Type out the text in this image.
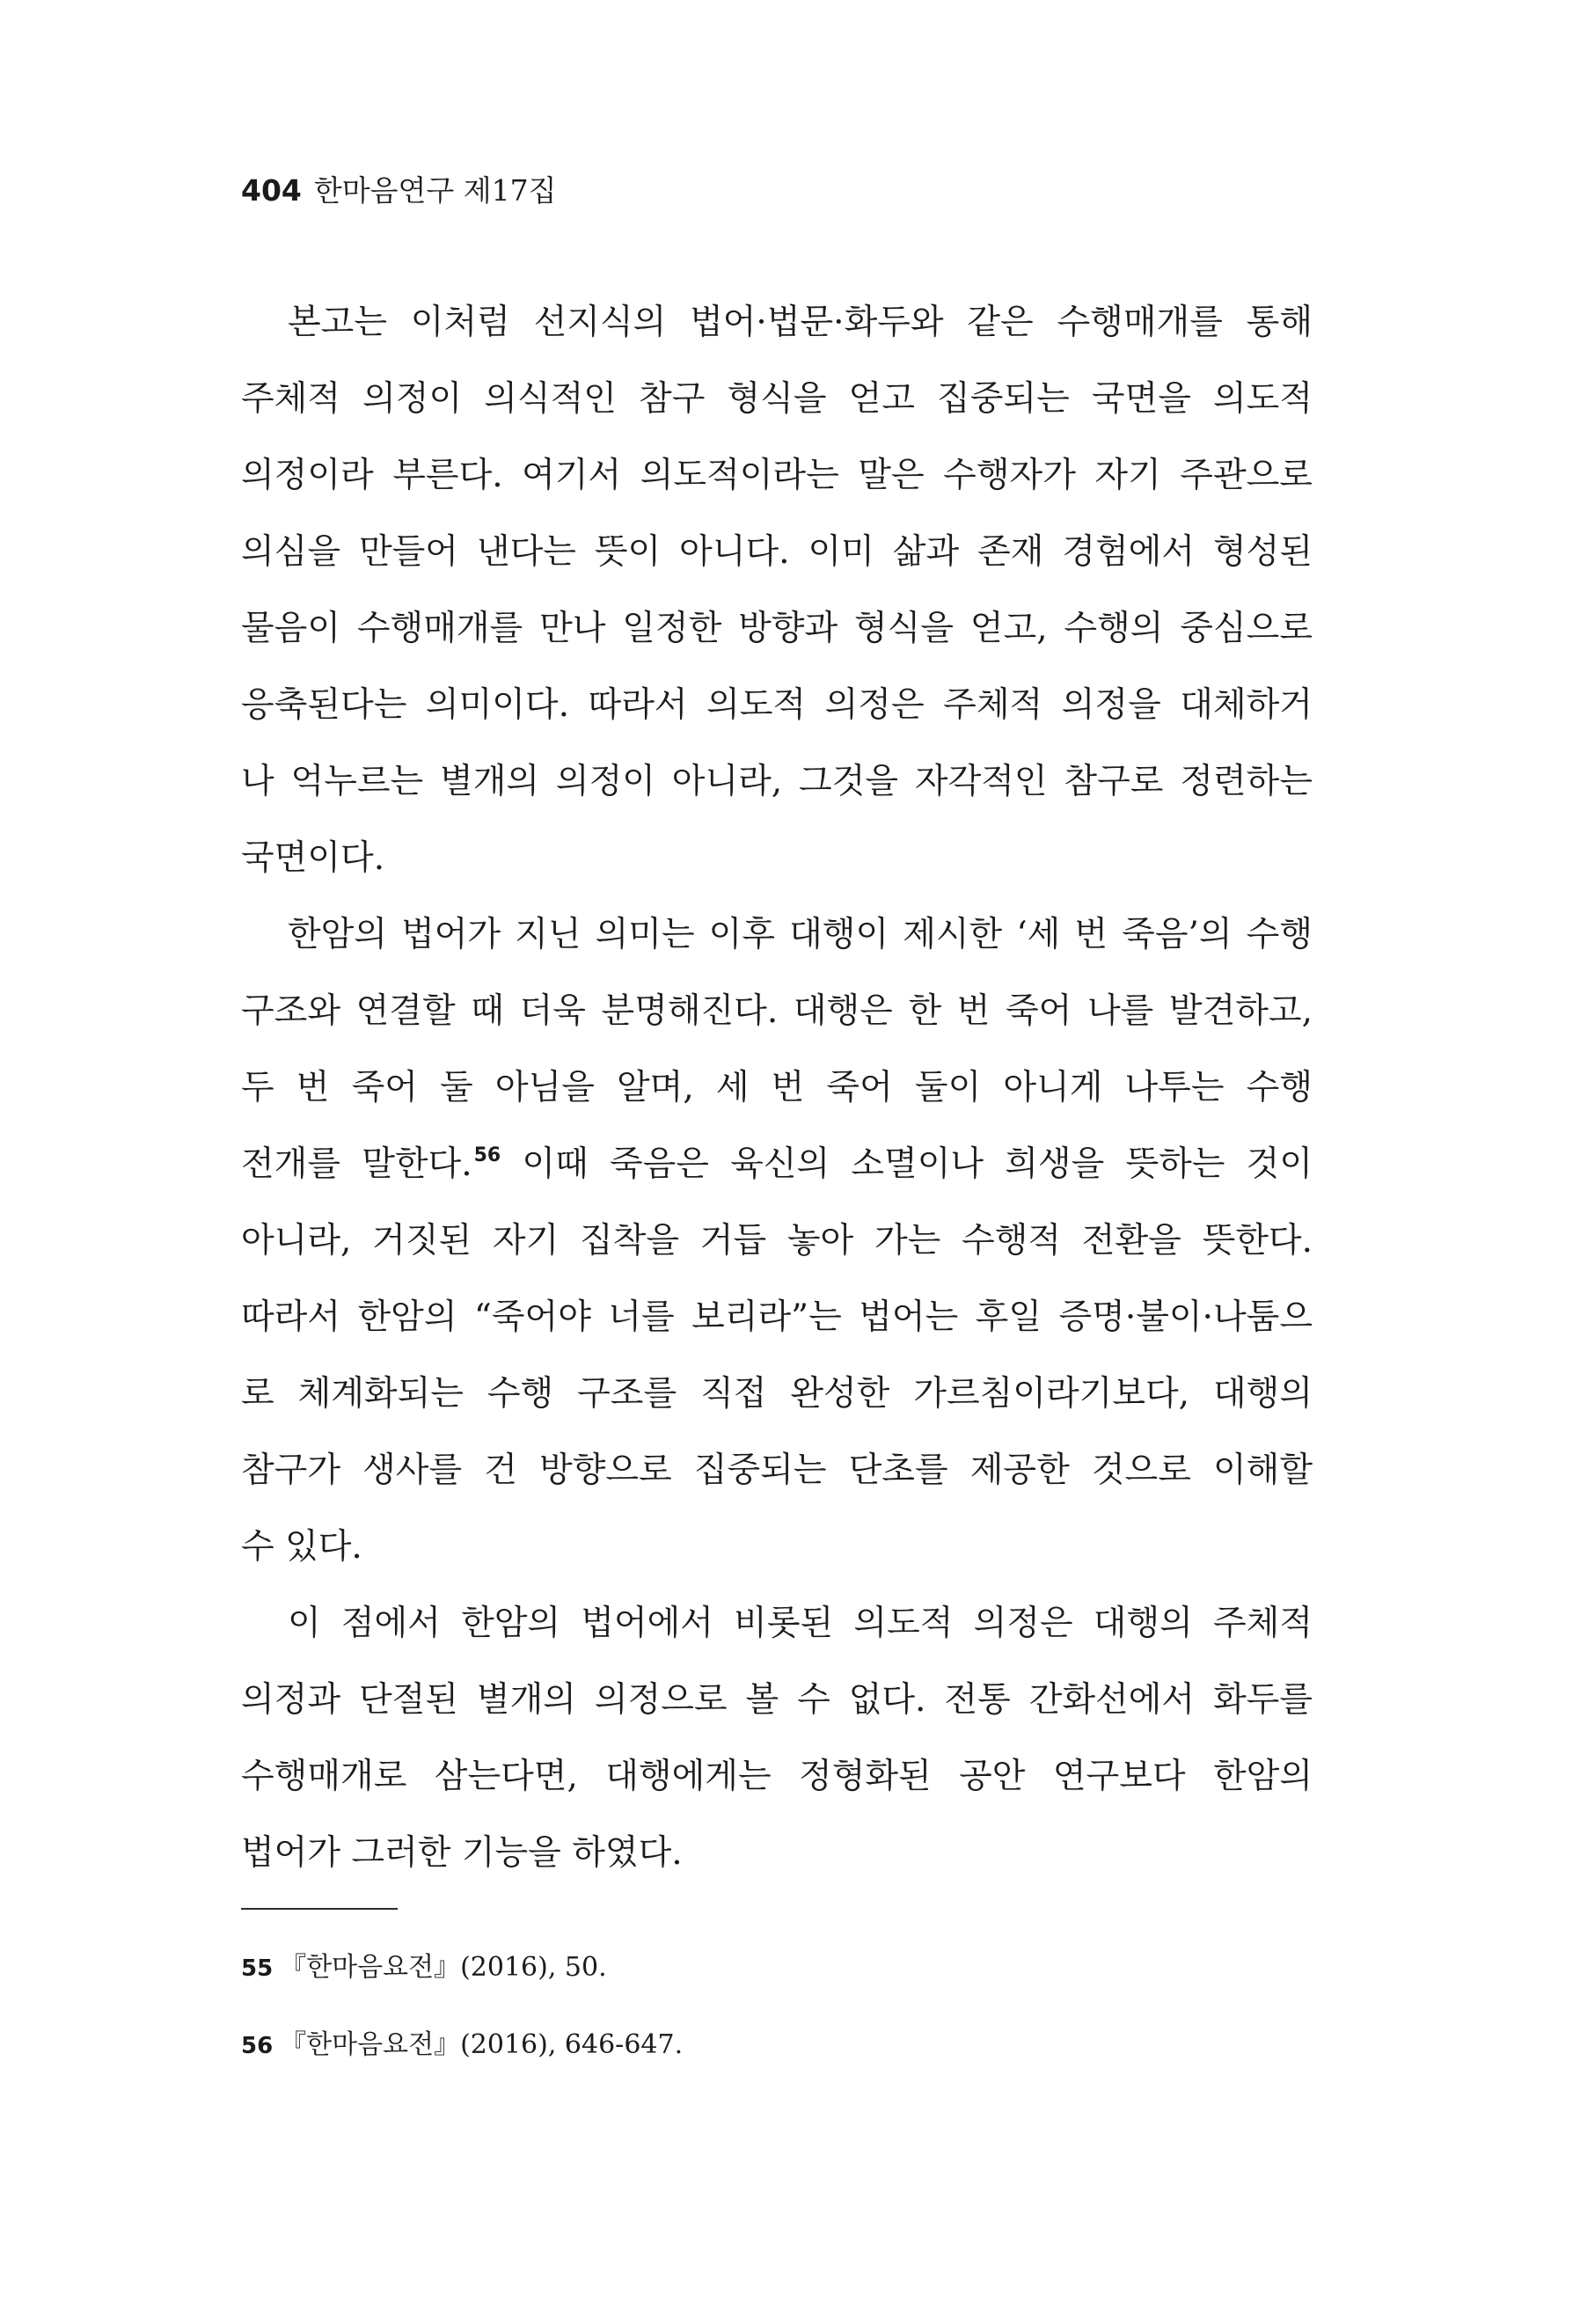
404 한마음연구 제17집
본고는 이처럼 선지식의 법어·법문·화두와 같은 수행매개를 통해
주체적 의정이 의식적인 참구 형식을 얻고 집중되는 국면을 의도적
의정이라 부른다. 여기서 의도적이라는 말은 수행자가 자기 주관으로
의심을 만들어 낸다는 뜻이 아니다. 이미 삶과 존재 경험에서 형성된
물음이 수행매개를 만나 일정한 방향과 형식을 얻고, 수행의 중심으로
응축된다는 의미이다. 따라서 의도적 의정은 주체적 의정을 대체하거
나 억누르는 별개의 의정이 아니라, 그것을 자각적인 참구로 정련하는
국면이다.
한암의 법어가 지닌 의미는 이후 대행이 제시한 ‘세 번 죽음’의 수행
구조와 연결할 때 더욱 분명해진다. 대행은 한 번 죽어 나를 발견하고,
두 번 죽어 둘 아님을 알며, 세 번 죽어 둘이 아니게 나투는 수행
전개를 말한다.$^{56}$ 이때 죽음은 육신의 소멸이나 희생을 뜻하는 것이
아니라, 거짓된 자기 집착을 거듭 놓아 가는 수행적 전환을 뜻한다.
따라서 한암의 “죽어야 너를 보리라”는 법어는 후일 증명·불이·나툼으
로 체계화되는 수행 구조를 직접 완성한 가르침이라기보다, 대행의
참구가 생사를 건 방향으로 집중되는 단초를 제공한 것으로 이해할
수 있다.
이 점에서 한암의 법어에서 비롯된 의도적 의정은 대행의 주체적
의정과 단절된 별개의 의정으로 볼 수 없다. 전통 간화선에서 화두를
수행매개로 삼는다면, 대행에게는 정형화된 공안 연구보다 한암의
법어가 그러한 기능을 하였다.
55 『한마음요전』(2016), 50.
56 『한마음요전』(2016), 646-647.
